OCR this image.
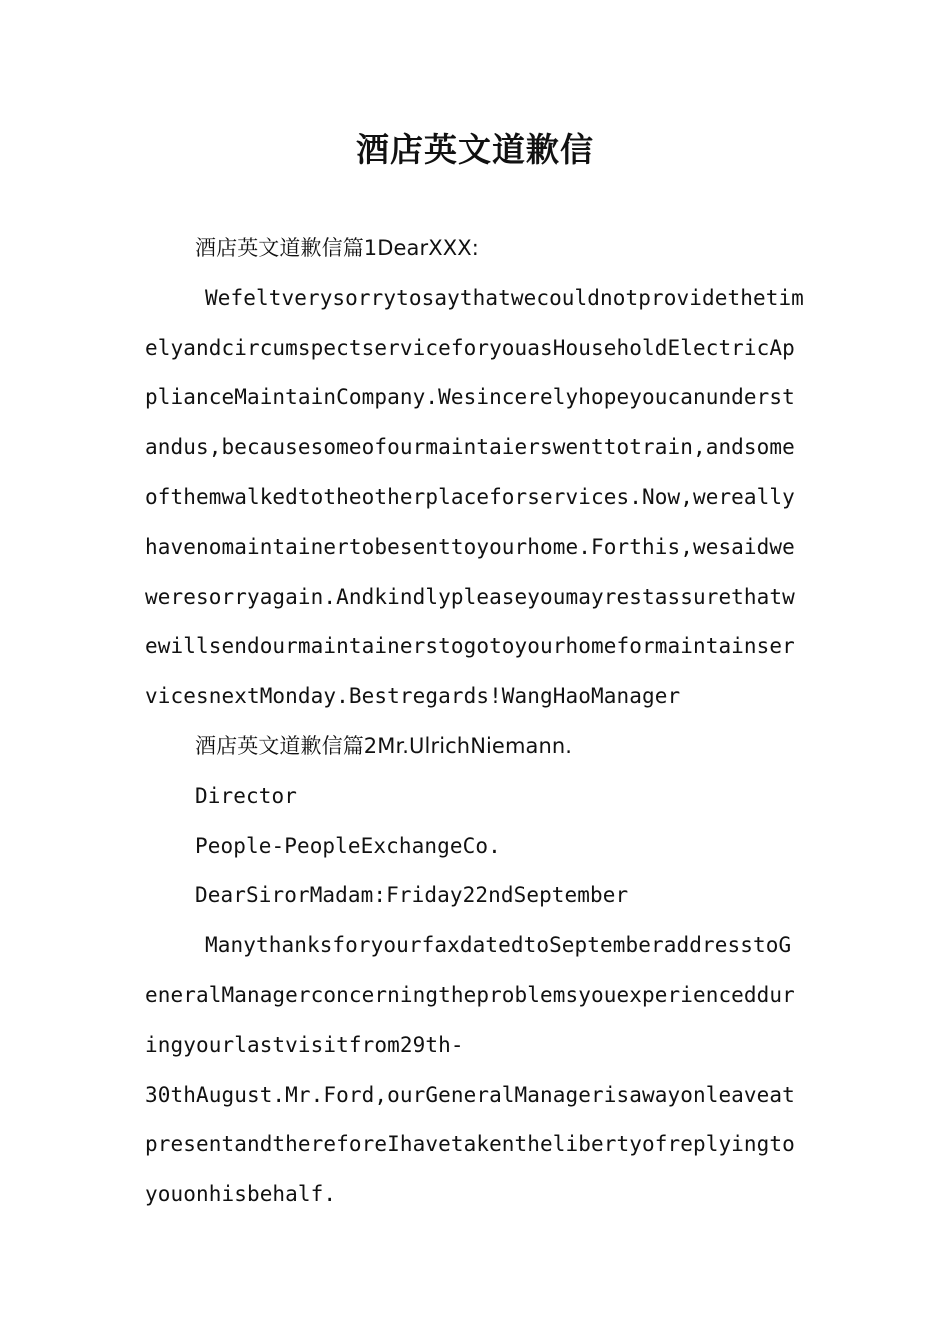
酒店英文道歉信
酒店英文道歉信篇1DearXXX:
Wefeltverysorrytosaythatwecouldnotprovidethetim
elyandcircumspectserviceforyouasHouseholdElectricAp
plianceMaintainCompany.Wesincerelyhopeyoucanunderst
andus,becausesomeofourmaintaierswenttotrain,andsome
ofthemwalkedtotheotherplaceforservices.Now,wereally
havenomaintainertobesenttoyourhome.Forthis,wesaidwe
weresorryagain.Andkindlypleaseyoumayrestassurethatw
ewillsendourmaintainerstogotoyourhomeformaintainser
vicesnextMonday.Bestregards!WangHaoManager
酒店英文道歉信篇2Mr.UlrichNiemann.
Director
People-PeopleExchangeCo.
DearSirorMadam:Friday22ndSeptember
ManythanksforyourfaxdatedtoSeptemberaddresstoG
eneralManagerconcerningtheproblemsyouexperienceddur
ingyourlastvisitfrom29th-
30thAugust.Mr.Ford,ourGeneralManagerisawayonleaveat
presentandthereforeIhavetakenthelibertyofreplyingto
youonhisbehalf.
